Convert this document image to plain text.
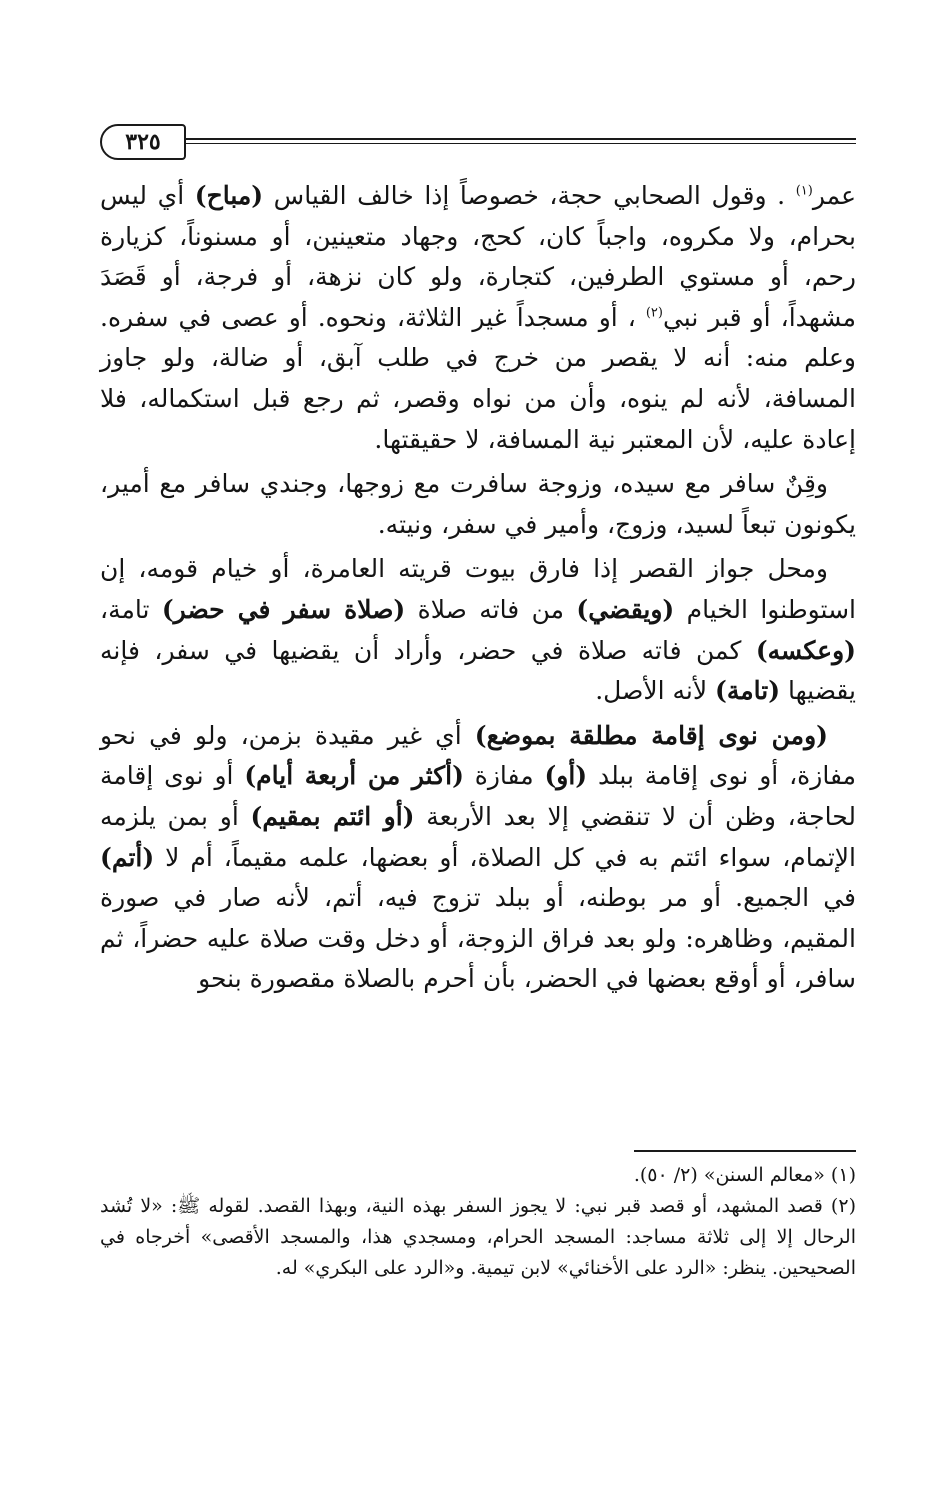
٣٢٥

عمر$^{(١)}$ . وقول الصحابي حجة، خصوصاً إذا خالف القياس (مباح) أي ليس بحرام، ولا مكروه، واجباً كان، كحج، وجهاد متعينين، أو مسنوناً، كزيارة رحم، أو مستوي الطرفين، كتجارة، ولو كان نزهة، أو فرجة، أو قَصَدَ مشهداً، أو قبر نبي$^{(٢)}$ ، أو مسجداً غير الثلاثة، ونحوه. أو عصى في سفره. وعلم منه: أنه لا يقصر من خرج في طلب آبق، أو ضالة، ولو جاوز المسافة، لأنه لم ينوه، وأن من نواه وقصر، ثم رجع قبل استكماله، فلا إعادة عليه، لأن المعتبر نية المسافة، لا حقيقتها.

وقِنٌ سافر مع سيده، وزوجة سافرت مع زوجها، وجندي سافر مع أمير، يكونون تبعاً لسيد، وزوج، وأمير في سفر، ونيته.

ومحل جواز القصر إذا فارق بيوت قريته العامرة، أو خيام قومه، إن استوطنوا الخيام (ويقضي) من فاته صلاة (صلاة سفر في حضر) تامة، (وعكسه) كمن فاته صلاة في حضر، وأراد أن يقضيها في سفر، فإنه يقضيها (تامة) لأنه الأصل.

(ومن نوى إقامة مطلقة بموضع) أي غير مقيدة بزمن، ولو في نحو مفازة، أو نوى إقامة ببلد (أو) مفازة (أكثر من أربعة أيام) أو نوى إقامة لحاجة، وظن أن لا تنقضي إلا بعد الأربعة (أو ائتم بمقيم) أو بمن يلزمه الإتمام، سواء ائتم به في كل الصلاة، أو بعضها، علمه مقيماً، أم لا (أتم) في الجميع. أو مر بوطنه، أو ببلد تزوج فيه، أتم، لأنه صار في صورة المقيم، وظاهره: ولو بعد فراق الزوجة، أو دخل وقت صلاة عليه حضراً، ثم سافر، أو أوقع بعضها في الحضر، بأن أحرم بالصلاة مقصورة بنحو

(١) «معالم السنن» (٢/ ٥٠).

(٢) قصد المشهد، أو قصد قبر نبي: لا يجوز السفر بهذه النية، وبهذا القصد. لقوله ﷺ: «لا تُشد الرحال إلا إلى ثلاثة مساجد: المسجد الحرام، ومسجدي هذا، والمسجد الأقصى» أخرجاه في الصحيحين. ينظر: «الرد على الأخنائي» لابن تيمية. و«الرد على البكري» له.
